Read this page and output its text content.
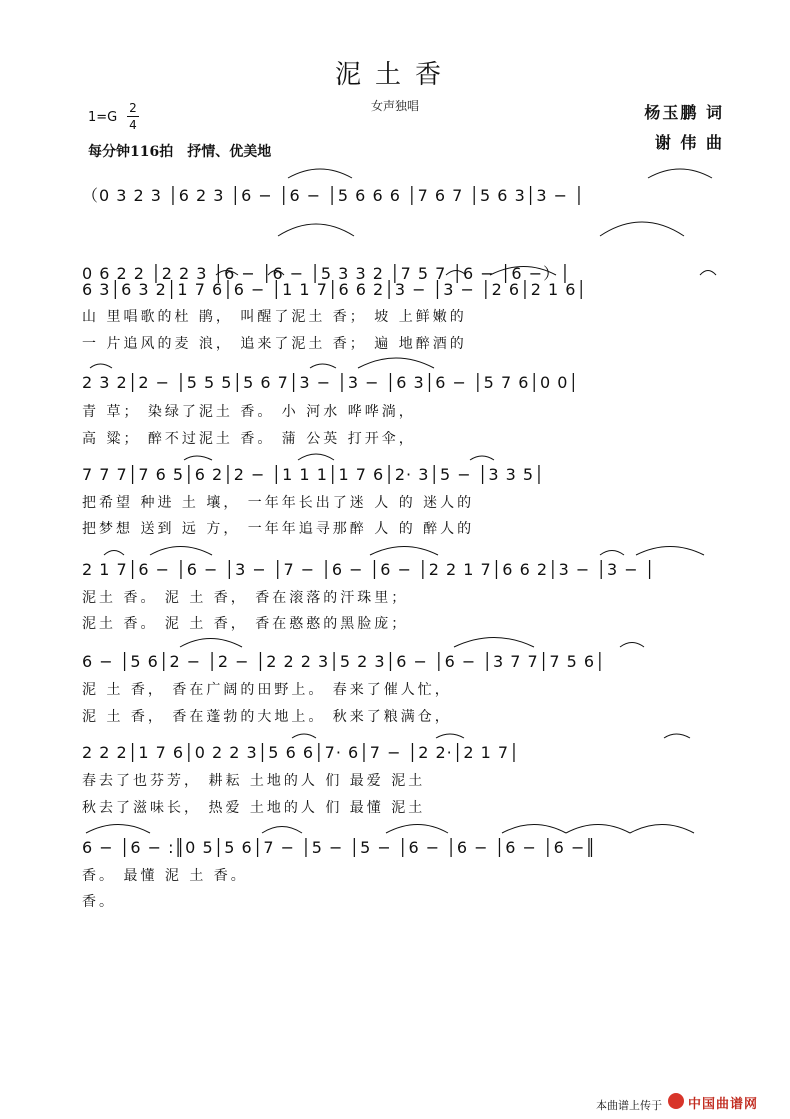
泥土香
女声独唱	杨玉鹏 词
谢 伟 曲
1=G
2
4
每分钟116拍　抒情、优美地
（0 3 2 3 │6 2 3 │6 − │6 − │5 6 6 6 │7 6 7 │5 6 3│3 − │
0 6 2 2 │2 2 3 │6 − │6 − │5 3 3 2 │7 5 7 │6 − │6 −）│
6 3│6 3 2│1 7 6│6 − │1 1 7│6 6 2│3 − │3 − │2 6│2 1 6│
山 里唱歌的杜 鹃， 叫醒了泥土 香； 坡 上鲜嫩的
一 片追风的麦 浪， 追来了泥土 香； 遍 地醉酒的
2 3 2│2 − │5 5 5│5 6 7│3 − │3 − │6 3│6 − │5 7 6│0 0│
青 草； 染绿了泥土 香。 小 河水 哗哗淌，
高 粱； 醉不过泥土 香。 蒲 公英 打开伞，
7 7 7│7 6 5│6 2│2 − │1 1 1│1 7 6│2· 3│5 − │3 3 5│
把希望 种进 土 壤， 一年年长出了迷 人 的 迷人的
把梦想 送到 远 方， 一年年追寻那醉 人 的 醉人的
2 1 7│6 − │6 − │3 − │7 − │6 − │6 − │2 2 1 7│6 6 2│3 − │3 − │
泥土 香。 泥 土 香， 香在滚落的汗珠里；
泥土 香。 泥 土 香， 香在憨憨的黑脸庞；
6 − │5 6│2 − │2 − │2 2 2 3│5 2 3│6 − │6 − │3 7 7│7 5 6│
泥 土 香， 香在广阔的田野上。 春来了催人忙，
泥 土 香， 香在蓬勃的大地上。 秋来了粮满仓，
2 2 2│1 7 6│0 2 2 3│5 6 6│7· 6│7 − │2 2·│2 1 7│
春去了也芬芳， 耕耘 土地的人 们 最爱 泥土
秋去了滋味长， 热爱 土地的人 们 最懂 泥土
6 − │6 − :║0 5│5 6│7 − │5 − │5 − │6 − │6 − │6 − │6 −║
香。 最懂 泥 土 香。
香。
本曲谱上传于 中国曲谱网
